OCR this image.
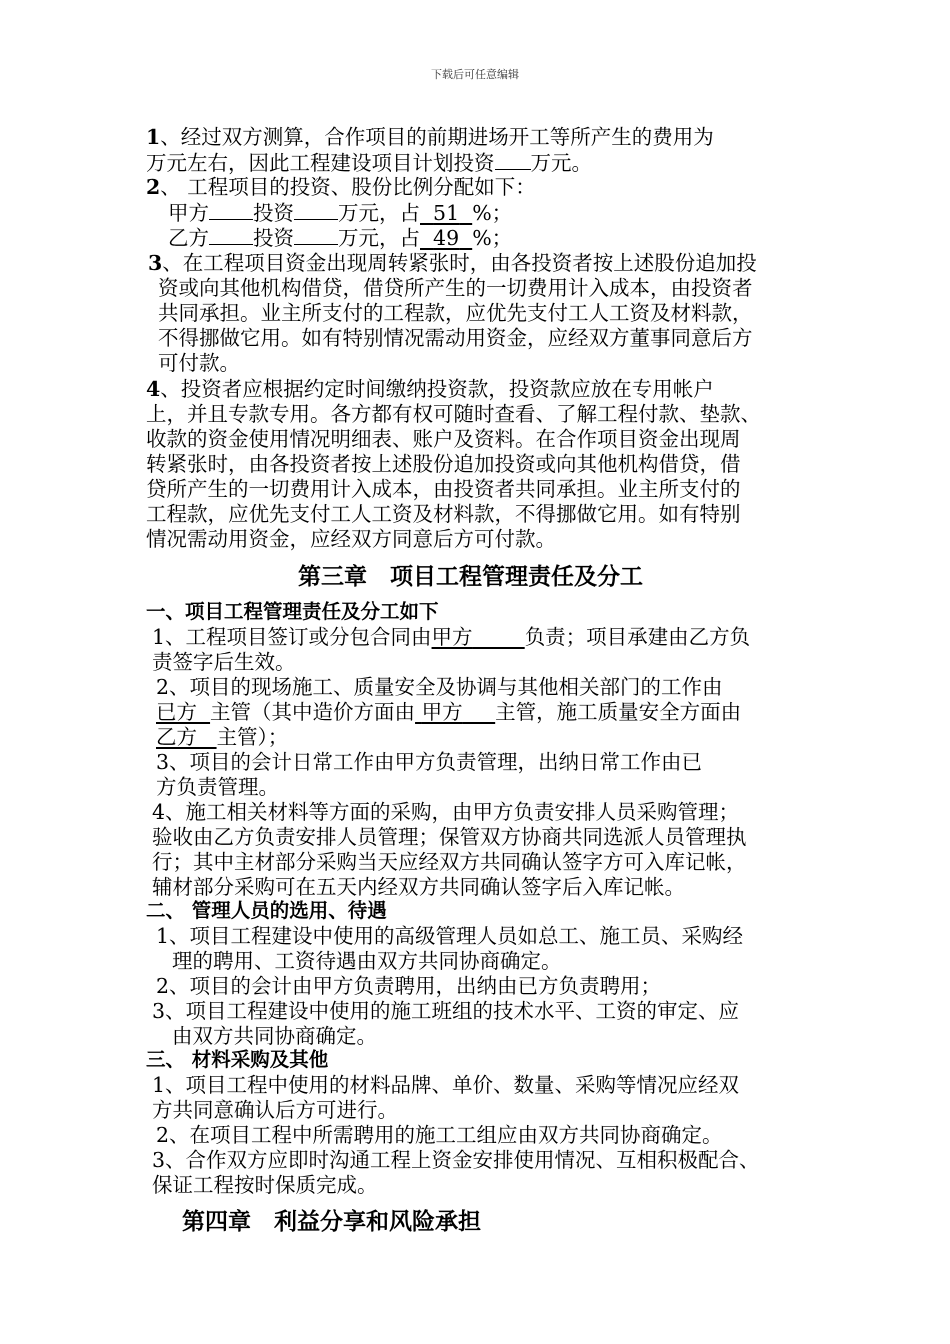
下载后可任意编辑
1、经过双方测算，合作项目的前期进场开工等所产生的费用为
万元左右，因此工程建设项目计划投资 万元。
2、 工程项目的投资、股份比例分配如下：
甲方 投资 万元，占 51 %；
乙方 投资 万元，占 49 %；
3、在工程项目资金出现周转紧张时，由各投资者按上述股份追加投
资或向其他机构借贷，借贷所产生的一切费用计入成本，由投资者
共同承担。业主所支付的工程款，应优先支付工人工资及材料款，
不得挪做它用。如有特别情况需动用资金，应经双方董事同意后方
可付款。
4、投资者应根据约定时间缴纳投资款，投资款应放在专用帐户
上，并且专款专用。各方都有权可随时查看、了解工程付款、垫款、
收款的资金使用情况明细表、账户及资料。在合作项目资金出现周
转紧张时，由各投资者按上述股份追加投资或向其他机构借贷，借
贷所产生的一切费用计入成本，由投资者共同承担。业主所支付的
工程款，应优先支付工人工资及材料款，不得挪做它用。如有特别
情况需动用资金，应经双方同意后方可付款。
第三章　项目工程管理责任及分工
一、项目工程管理责任及分工如下
1、工程项目签订或分包合同由甲方	负责；项目承建由乙方负
责签字后生效。
2、项目的现场施工、质量安全及协调与其他相关部门的工作由
已方 主管（其中造价方面由 甲方 主管，施工质量安全方面由
乙方 主管）；
3、项目的会计日常工作由甲方负责管理，出纳日常工作由已
方负责管理。
4、施工相关材料等方面的采购，由甲方负责安排人员采购管理；
验收由乙方负责安排人员管理；保管双方协商共同选派人员管理执
行；其中主材部分采购当天应经双方共同确认签字方可入库记帐，
辅材部分采购可在五天内经双方共同确认签字后入库记帐。
二、 管理人员的选用、待遇
1、项目工程建设中使用的高级管理人员如总工、施工员、采购经
理的聘用、工资待遇由双方共同协商确定。
2、项目的会计由甲方负责聘用，出纳由已方负责聘用；
3、项目工程建设中使用的施工班组的技术水平、工资的审定、应
由双方共同协商确定。
三、 材料采购及其他
1、项目工程中使用的材料品牌、单价、数量、采购等情况应经双
方共同意确认后方可进行。
2、在项目工程中所需聘用的施工工组应由双方共同协商确定。
3、合作双方应即时沟通工程上资金安排使用情况、互相积极配合、
保证工程按时保质完成。
第四章　利益分享和风险承担
